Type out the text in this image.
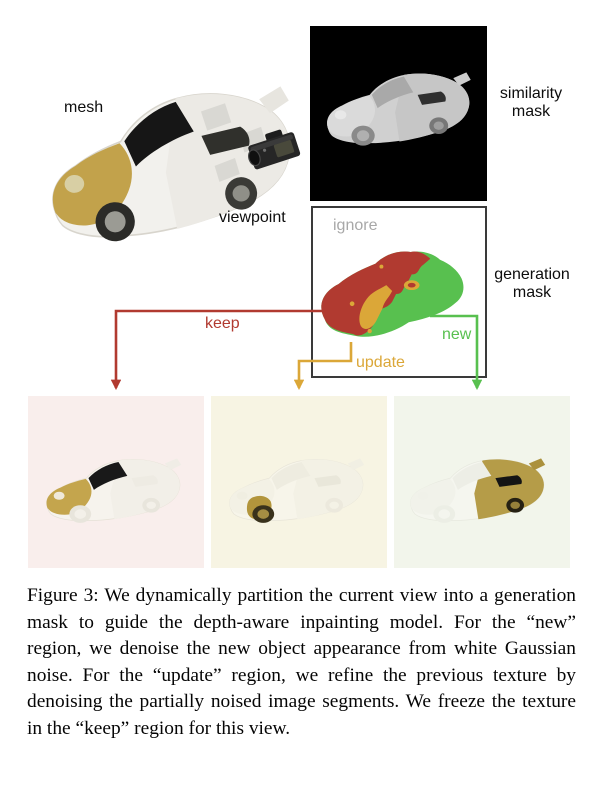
mesh
viewpoint
similarity mask
ignore
generation mask
keep
update
new

Figure 3: We dynamically partition the current view into a generation mask to guide the depth-aware inpainting model. For the “new” region, we denoise the new object appearance from white Gaussian noise. For the “update” region, we refine the previous texture by denoising the partially noised image segments. We freeze the texture in the “keep” region for this view.
